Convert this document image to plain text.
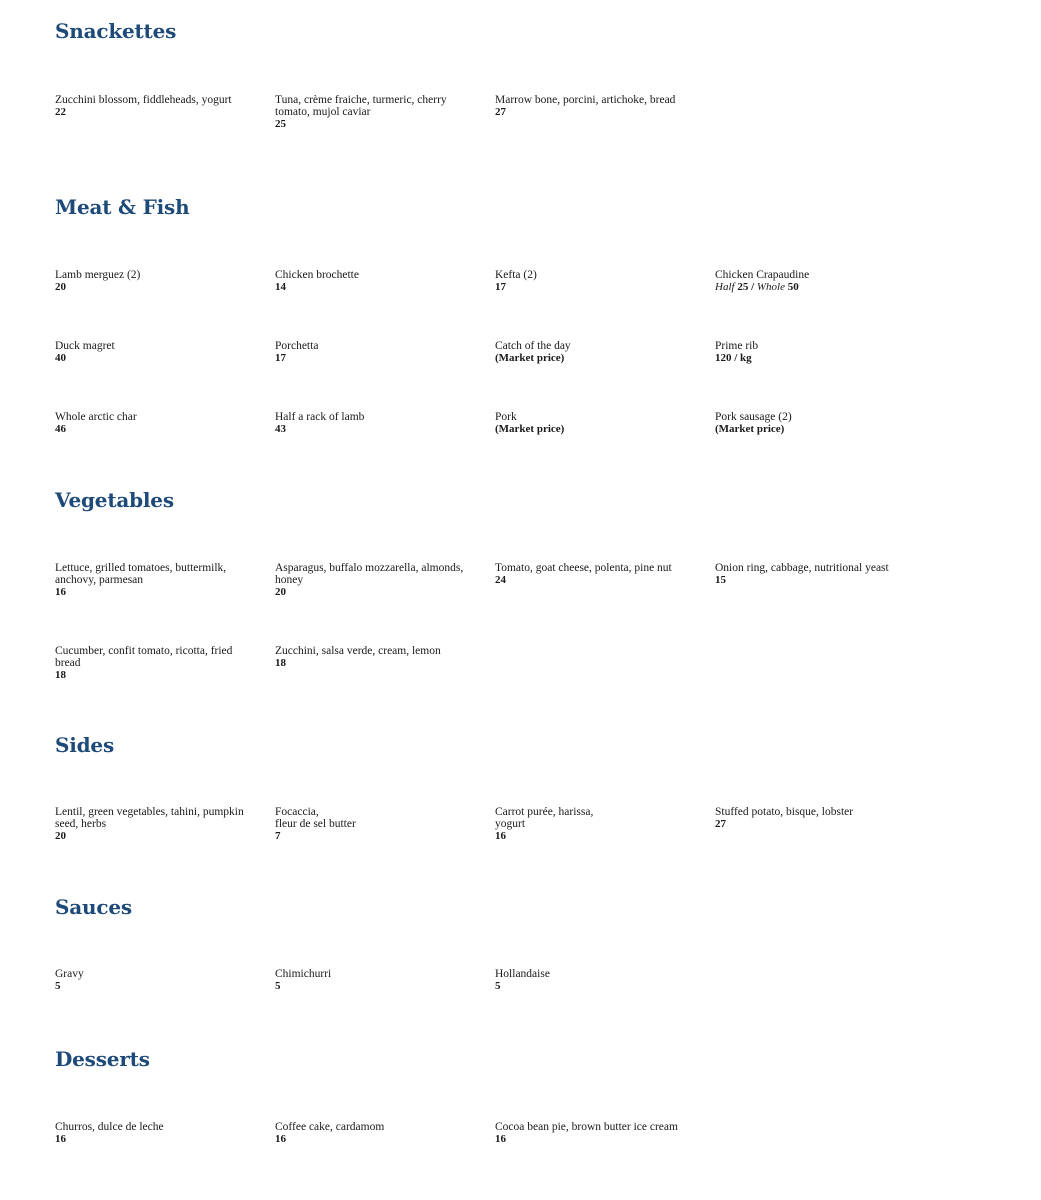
Snackettes
Zucchini blossom, fiddleheads, yogurt
22
Tuna, crème fraiche, turmeric, cherry tomato, mujol caviar
25
Marrow bone, porcini, artichoke, bread
27
Meat & Fish
Lamb merguez (2)
20
Chicken brochette
14
Kefta (2)
17
Chicken Crapaudine
Half 25 / Whole 50
Duck magret
40
Porchetta
17
Catch of the day
(Market price)
Prime rib
120 / kg
Whole arctic char
46
Half a rack of lamb
43
Pork
(Market price)
Pork sausage (2)
(Market price)
Vegetables
Lettuce, grilled tomatoes, buttermilk, anchovy, parmesan
16
Asparagus, buffalo mozzarella, almonds, honey
20
Tomato, goat cheese, polenta, pine nut
24
Onion ring, cabbage, nutritional yeast
15
Cucumber, confit tomato, ricotta, fried bread
18
Zucchini, salsa verde, cream, lemon
18
Sides
Lentil, green vegetables, tahini, pumpkin seed, herbs
20
Focaccia,
fleur de sel butter
7
Carrot purée, harissa,
yogurt
16
Stuffed potato, bisque, lobster
27
Sauces
Gravy
5
Chimichurri
5
Hollandaise
5
Desserts
Churros, dulce de leche
16
Coffee cake, cardamom
16
Cocoa bean pie, brown butter ice cream
16
